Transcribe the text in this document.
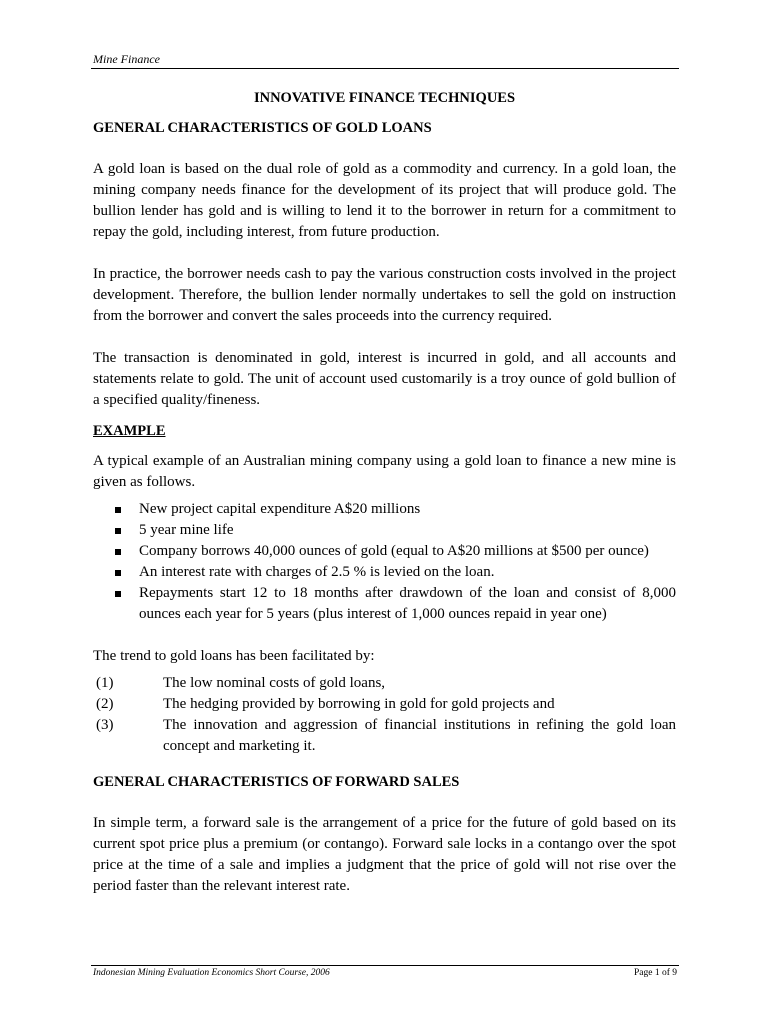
Mine Finance
INNOVATIVE FINANCE TECHNIQUES
GENERAL CHARACTERISTICS OF GOLD LOANS

A gold loan is based on the dual role of gold as a commodity and currency. In a gold loan, the mining company needs finance for the development of its project that will produce gold. The bullion lender has gold and is willing to lend it to the borrower in return for a commitment to repay the gold, including interest, from future production.

In practice, the borrower needs cash to pay the various construction costs involved in the project development. Therefore, the bullion lender normally undertakes to sell the gold on instruction from the borrower and convert the sales proceeds into the currency required.

The transaction is denominated in gold, interest is incurred in gold, and all accounts and statements relate to gold. The unit of account used customarily is a troy ounce of gold bullion of a specified quality/fineness.

EXAMPLE

A typical example of an Australian mining company using a gold loan to finance a new mine is given as follows.

New project capital expenditure A$20 millions
5 year mine life
Company borrows 40,000 ounces of gold (equal to A$20 millions at $500 per ounce)
An interest rate with charges of 2.5 % is levied on the loan.
Repayments start 12 to 18 months after drawdown of the loan and consist of 8,000 ounces each year for 5 years (plus interest of 1,000 ounces repaid in year one)

The trend to gold loans has been facilitated by:

(1)	The low nominal costs of gold loans,
(2)	The hedging provided by borrowing in gold for gold projects and
(3)	The innovation and aggression of financial institutions in refining the gold loan concept and marketing it.
GENERAL CHARACTERISTICS OF FORWARD SALES

In simple term, a forward sale is the arrangement of a price for the future of gold based on its current spot price plus a premium (or contango). Forward sale locks in a contango over the spot price at the time of a sale and implies a judgment that the price of gold will not rise over the period faster than the relevant interest rate.

Indonesian Mining Evaluation Economics Short Course, 2006	Page 1 of 9
